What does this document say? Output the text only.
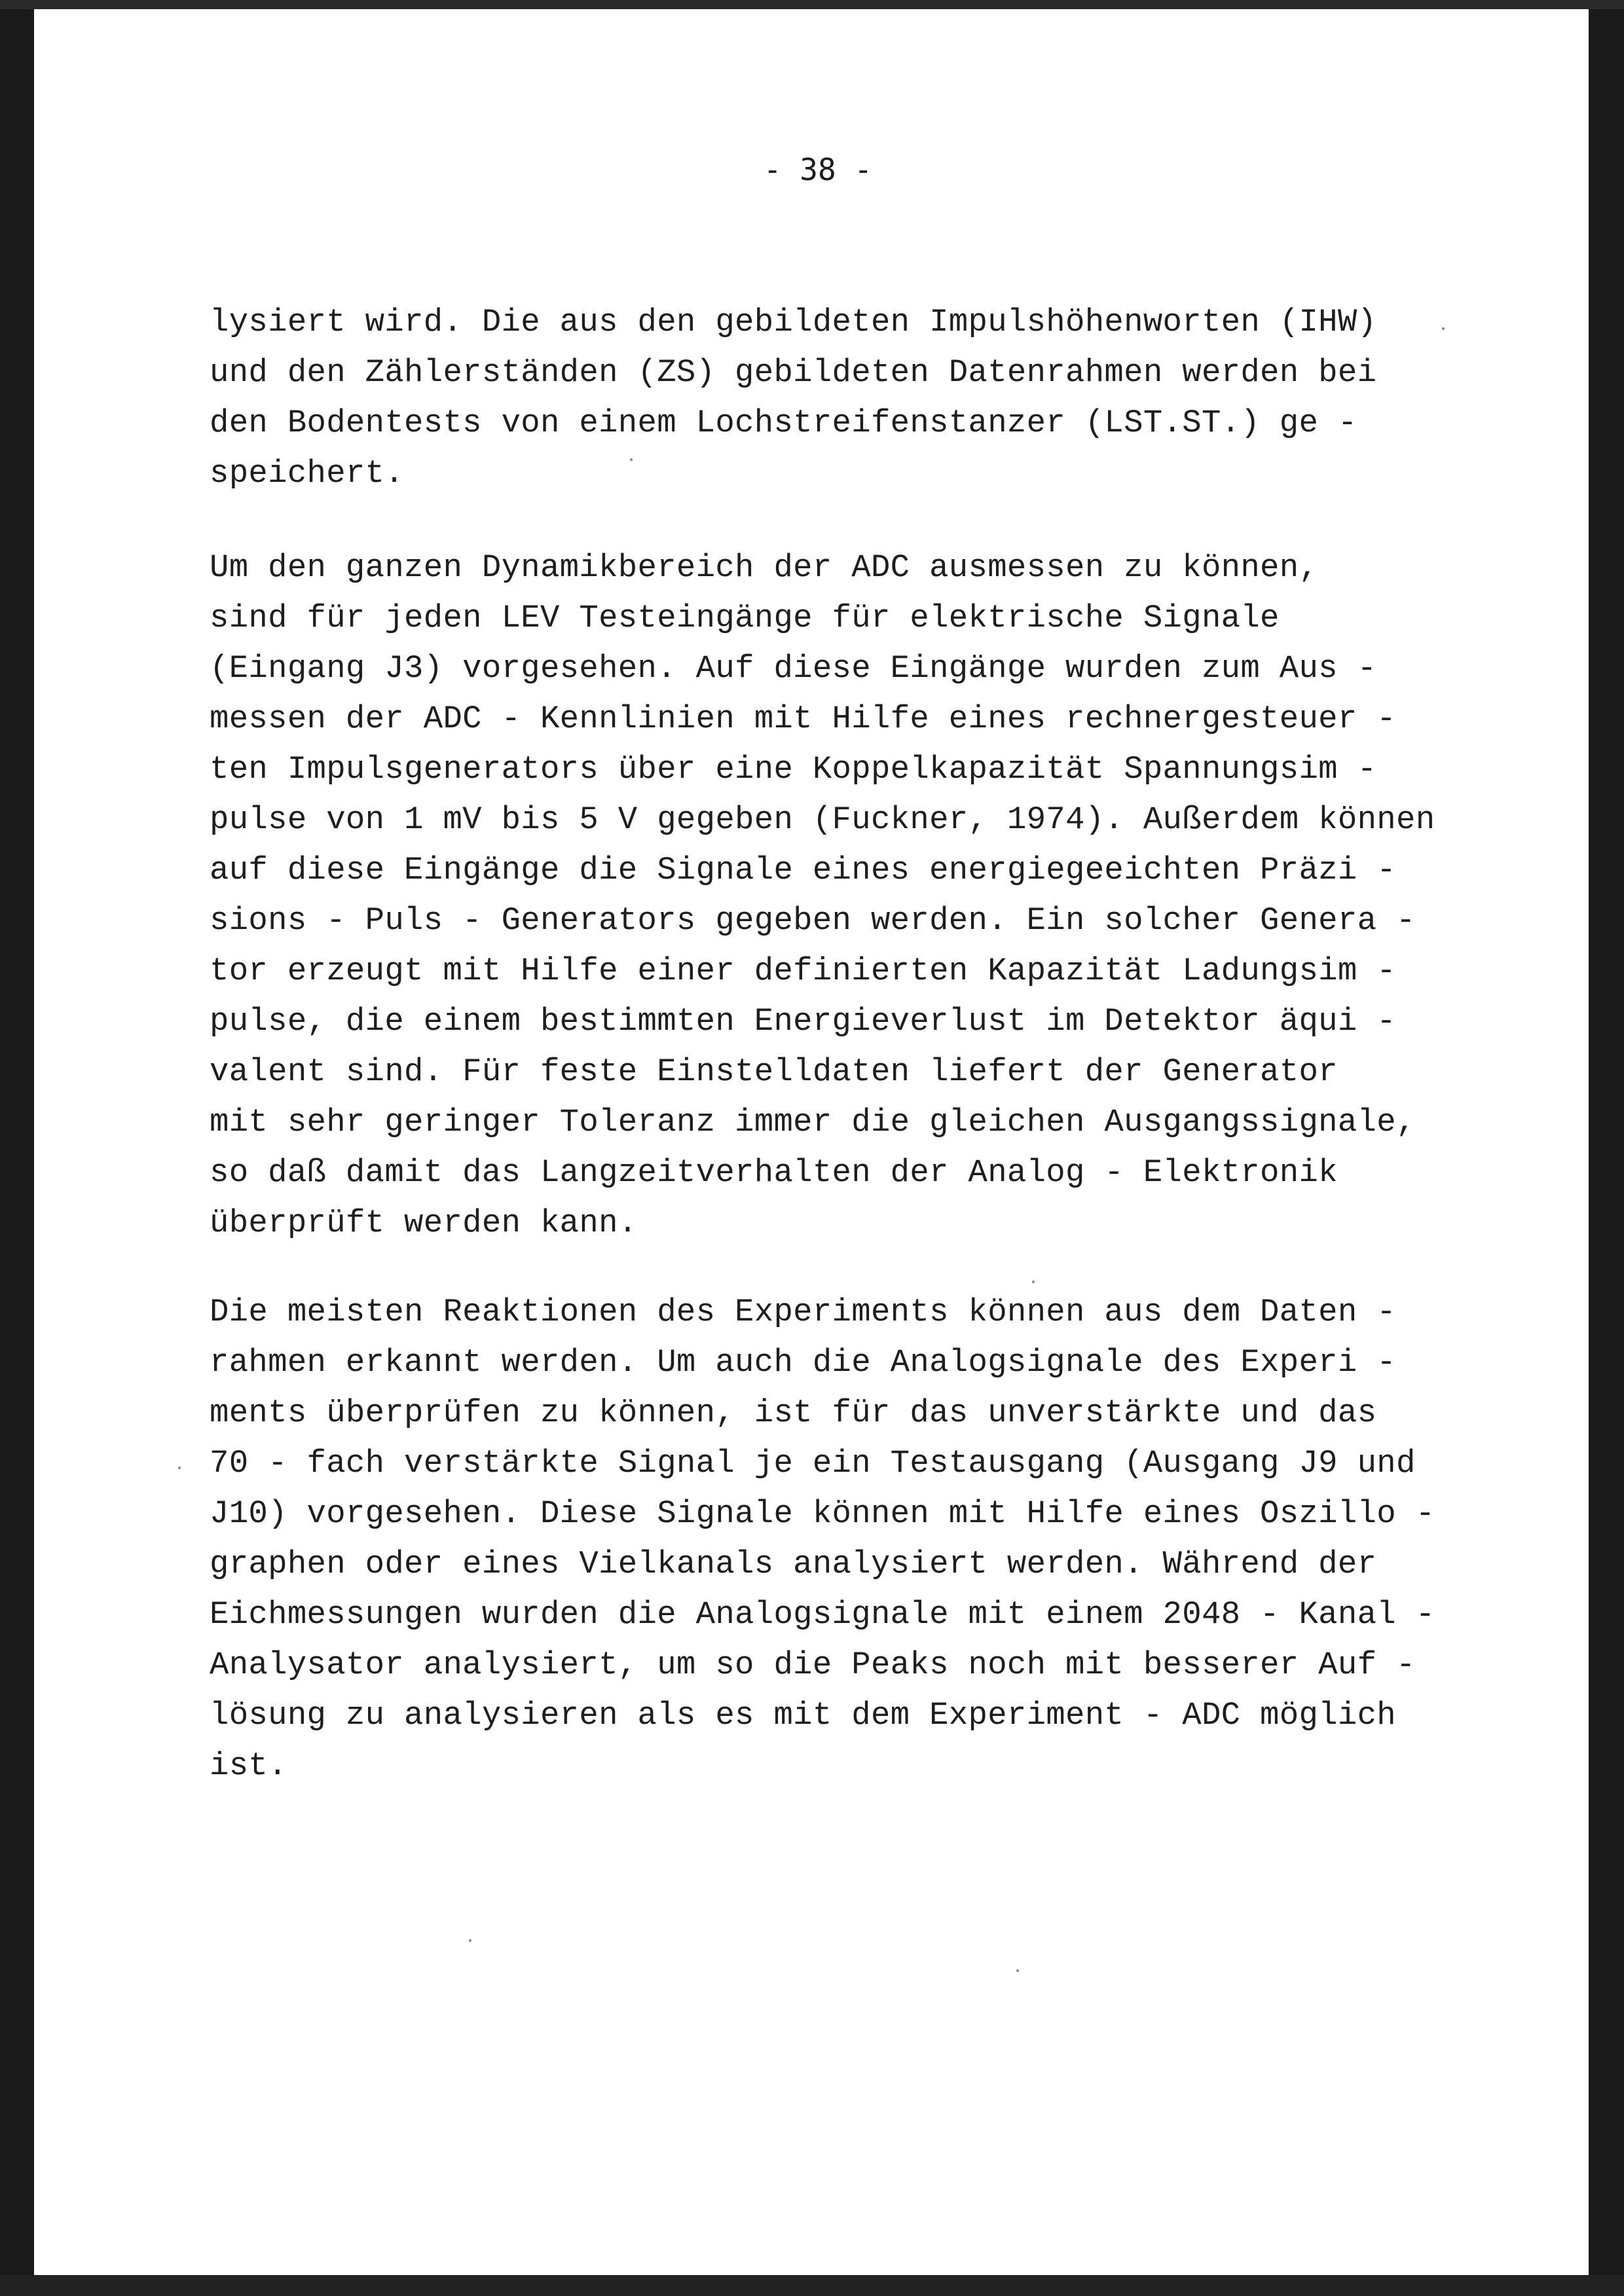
- 38 -
lysiert wird. Die aus den gebildeten Impulshöhenworten (IHW)
und den Zählerständen (ZS) gebildeten Datenrahmen werden bei
den Bodentests von einem Lochstreifenstanzer (LST.ST.) ge -
speichert.
Um den ganzen Dynamikbereich der ADC ausmessen zu können,
sind für jeden LEV Testeingänge für elektrische Signale
(Eingang J3) vorgesehen. Auf diese Eingänge wurden zum Aus -
messen der ADC - Kennlinien mit Hilfe eines rechnergesteuer -
ten Impulsgenerators über eine Koppelkapazität Spannungsim -
pulse von 1 mV bis 5 V gegeben (Fuckner, 1974). Außerdem können
auf diese Eingänge die Signale eines energiegeeichten Präzi -
sions - Puls - Generators gegeben werden. Ein solcher Genera -
tor erzeugt mit Hilfe einer definierten Kapazität Ladungsim -
pulse, die einem bestimmten Energieverlust im Detektor äqui -
valent sind. Für feste Einstelldaten liefert der Generator
mit sehr geringer Toleranz immer die gleichen Ausgangssignale,
so daß damit das Langzeitverhalten der Analog - Elektronik
überprüft werden kann.
Die meisten Reaktionen des Experiments können aus dem Daten -
rahmen erkannt werden. Um auch die Analogsignale des Experi -
ments überprüfen zu können, ist für das unverstärkte und das
70 - fach verstärkte Signal je ein Testausgang (Ausgang J9 und
J10) vorgesehen. Diese Signale können mit Hilfe eines Oszillo -
graphen oder eines Vielkanals analysiert werden. Während der
Eichmessungen wurden die Analogsignale mit einem 2048 - Kanal -
Analysator analysiert, um so die Peaks noch mit besserer Auf -
lösung zu analysieren als es mit dem Experiment - ADC möglich
ist.
